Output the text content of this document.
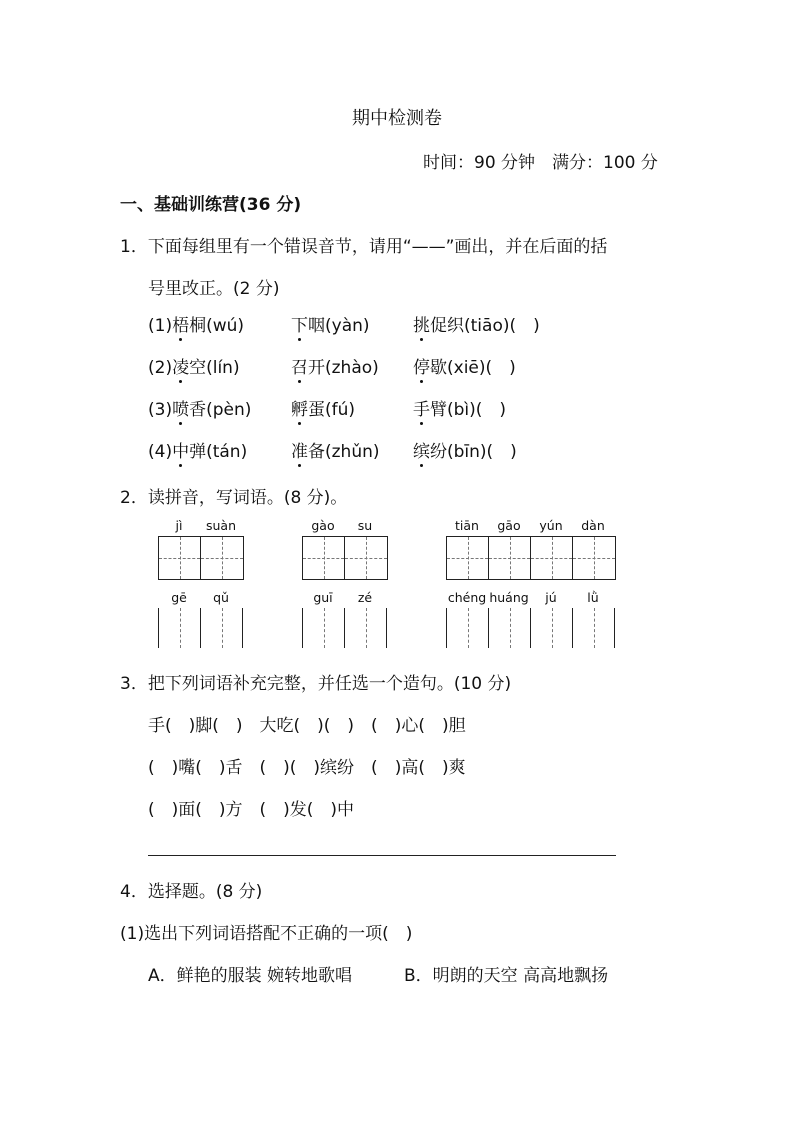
期中检测卷
时间：90 分钟　满分：100 分
一、基础训练营(36 分)
1．下面每组里有一个错误音节，请用“——”画出，并在后面的括
号里改正。(2 分)
(1)梧桐(wú)	下咽(yàn)	挑促织(tiāo)(　)
(2)凌空(lín)	召开(zhào) 停歇(xiē)(　)
(3)喷香(pèn) 孵蛋(fú)	手臂(bì)(　)
(4)中弹(tán)	准备(zhǔn) 缤纷(bīn)(　)
2．读拼音，写词语。(8 分)。
jì	suàn	gào	su	tiān	gāo	yún	dàn
gē	qǔ	guī	zé	chéng huáng	jú	lǜ
3．把下列词语补充完整，并任选一个造句。(10 分)
手(　)脚(　)　大吃(　)(　)　(　)心(　)胆
(　)嘴(　)舌　(　)(　)缤纷　(　)高(　)爽
(　)面(　)方　(　)发(　)中
4．选择题。(8 分)
(1)选出下列词语搭配不正确的一项(　)
A．鲜艳的服装 婉转地歌唱	B．明朗的天空 高高地飘扬
